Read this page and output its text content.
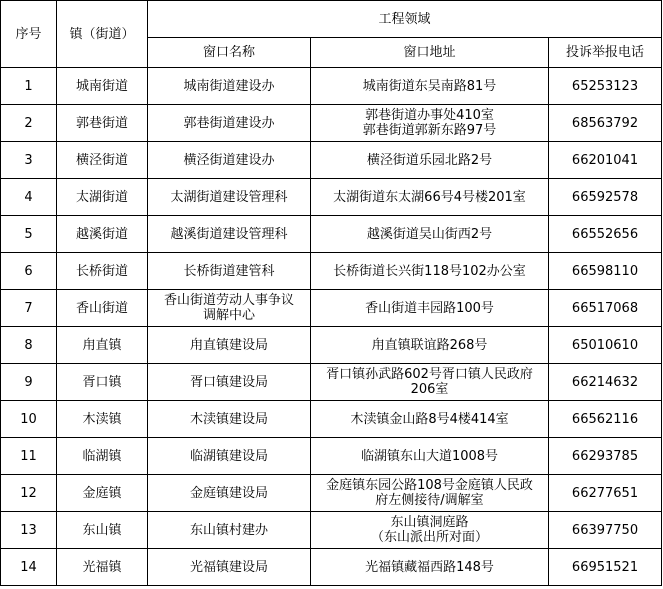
序号	镇（街道）	工程领域		
		窗口名称	窗口地址	投诉举报电话
1	城南街道	城南街道建设办	城南街道东吴南路81号	65253123
2	郭巷街道	郭巷街道建设办	郭巷街道办事处410室
郭巷街道郭新东路97号	68563792
3	横泾街道	横泾街道建设办	横泾街道乐园北路2号	66201041
4	太湖街道	太湖街道建设管理科	太湖街道东太湖66号4号楼201室	66592578
5	越溪街道	越溪街道建设管理科	越溪街道吴山街西2号	66552656
6	长桥街道	长桥街道建管科	长桥街道长兴街118号102办公室	66598110
7	香山街道	香山街道劳动人事争议
调解中心	香山街道丰园路100号	66517068
8	甪直镇	甪直镇建设局	甪直镇联谊路268号	65010610
9	胥口镇	胥口镇建设局	胥口镇孙武路602号胥口镇人民政府
206室	66214632
10	木渎镇	木渎镇建设局	木渎镇金山路8号4楼414室	66562116
11	临湖镇	临湖镇建设局	临湖镇东山大道1008号	66293785
12	金庭镇	金庭镇建设局	金庭镇东园公路108号金庭镇人民政
府左侧接待/调解室	66277651
13	东山镇	东山镇村建办	东山镇洞庭路
（东山派出所对面）	66397750
14	光福镇	光福镇建设局	光福镇藏福西路148号	66951521
